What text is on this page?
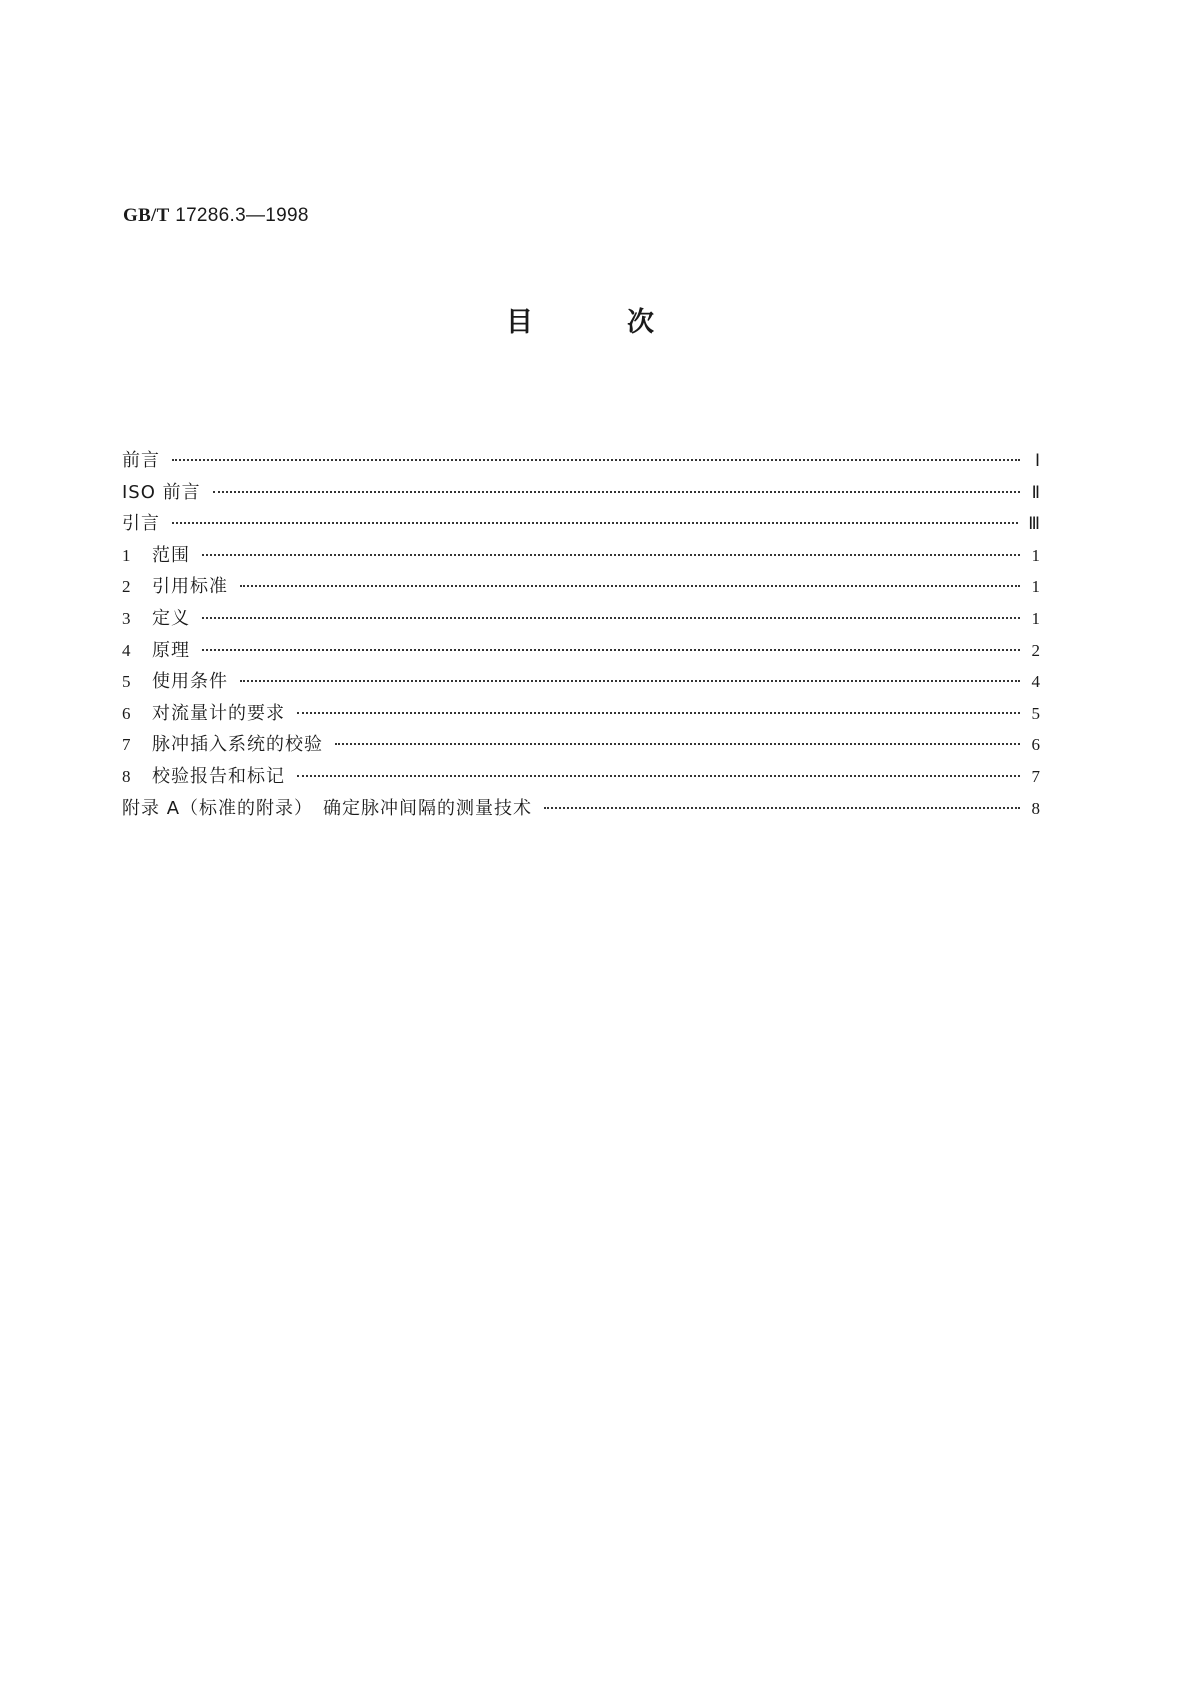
GB/T 17286.3—1998
目	次
前言	Ⅰ
ISO 前言	Ⅱ
引言	Ⅲ
1	范围	1
2	引用标准	1
3	定义	1
4	原理	2
5	使用条件	4
6	对流量计的要求	5
7	脉冲插入系统的校验	6
8	校验报告和标记	7
附录 A（标准的附录）　确定脉冲间隔的测量技术	8
